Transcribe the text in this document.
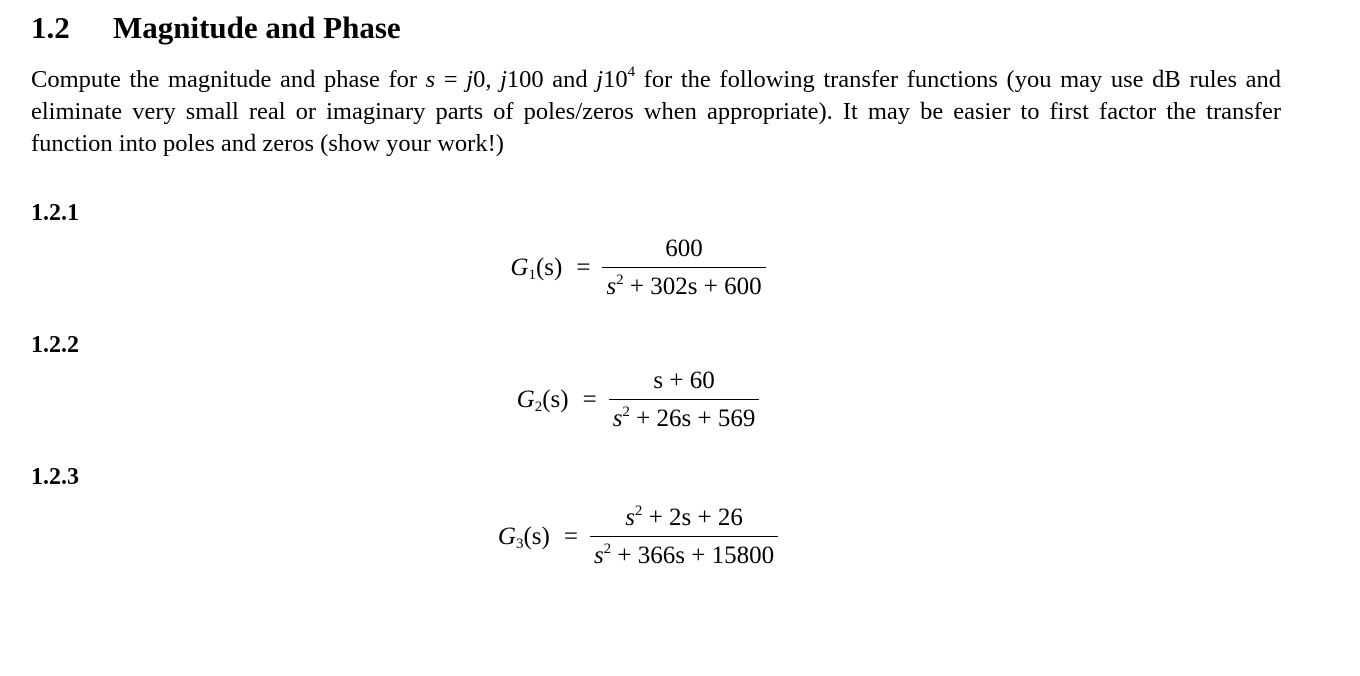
1.2 Magnitude and Phase
Compute the magnitude and phase for s = j0, j100 and $j10^4$ for the following transfer functions (you may use dB rules and eliminate very small real or imaginary parts of poles/zeros when appropriate). It may be easier to first factor the transfer function into poles and zeros (show your work!)
1.2.1
$G_1(s) = \frac{600}{s^2 + 302s + 600}$
1.2.2
$G_2(s) = \frac{s + 60}{s^2 + 26s + 569}$
1.2.3
$G_3(s) = \frac{s^2 + 2s + 26}{s^2 + 366s + 15800}$
